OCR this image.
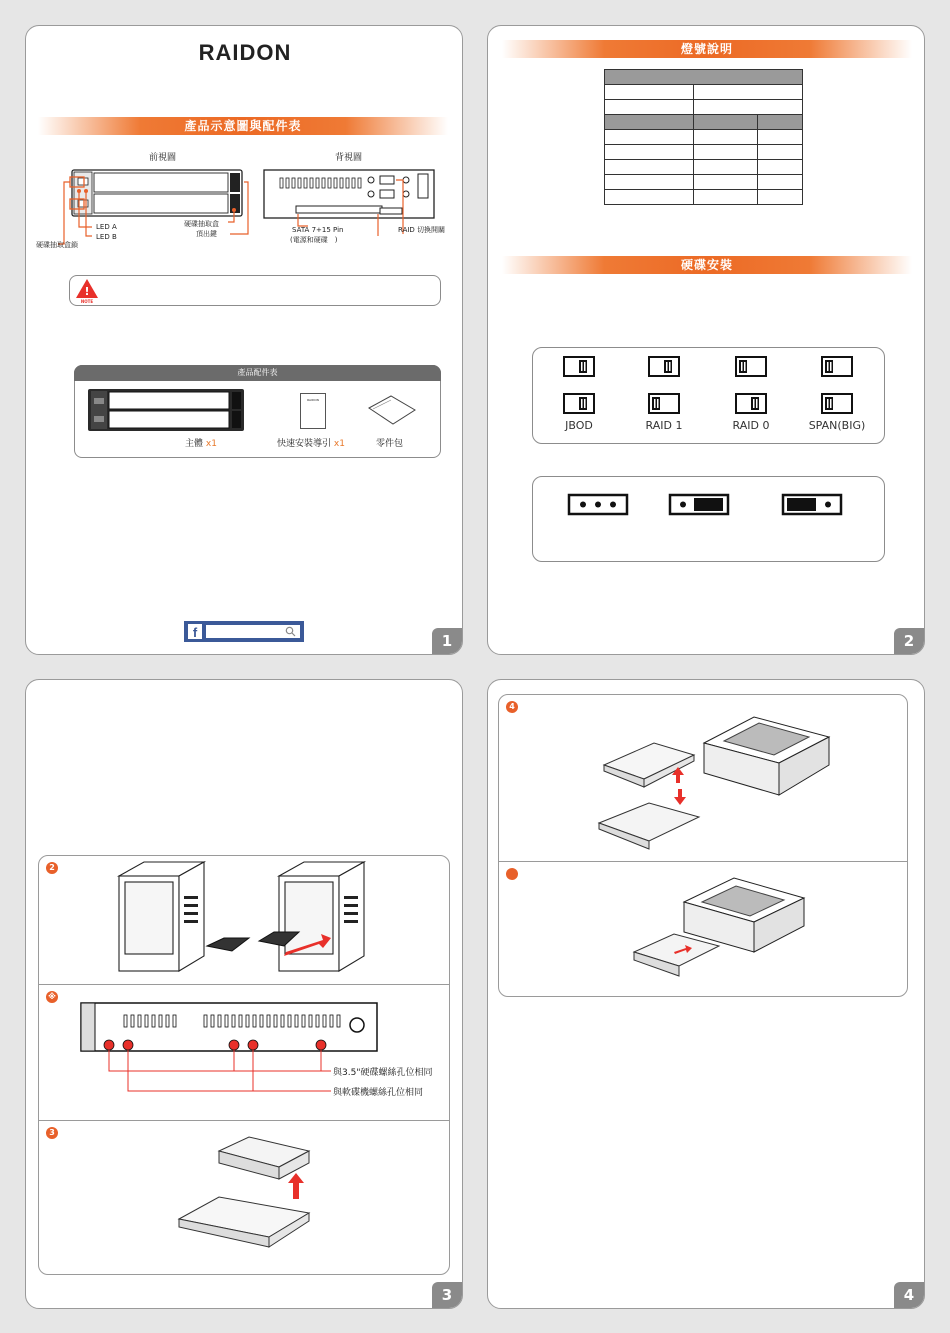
RAIDON
產品示意圖與配件表
前視圖	背視圖
硬碟抽取盒鎖
LED A
LED B
硬碟抽取盒
頂出鍵	SATA 7+15 Pin
(電源和硬碟　)
RAID 切換開關
!
NOTE
產品配件表
RAIDON
主體 x1	快速安裝導引 x1	零件包
f	1
燈號說明

硬碟安裝
JBOD	RAID 1	RAID 0	SPAN(BIG)
2
2
※
與3.5"硬碟螺絲孔位相同
與軟碟機螺絲孔位相同
3
3
4
4
